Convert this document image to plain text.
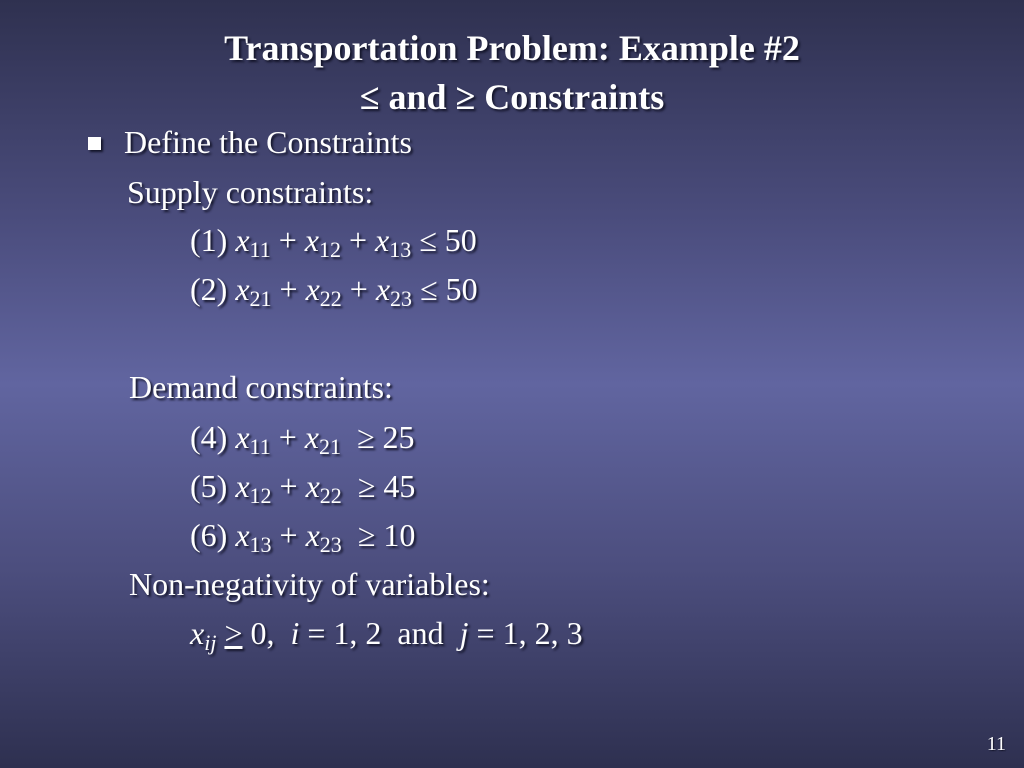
Transportation Problem: Example #2
≤ and ≥ Constraints
Define the Constraints
Supply constraints:
(1) $x_{11} + x_{12} + x_{13} \le 50$
(2) $x_{21} + x_{22} + x_{23} \le 50$
Demand constraints:
(4) $x_{11} + x_{21} \ge 25$
(5) $x_{12} + x_{22} \ge 45$
(6) $x_{13} + x_{23} \ge 10$
Non-negativity of variables:
$x_{ij} > 0$,  i = 1, 2  and  j = 1, 2, 3
11
